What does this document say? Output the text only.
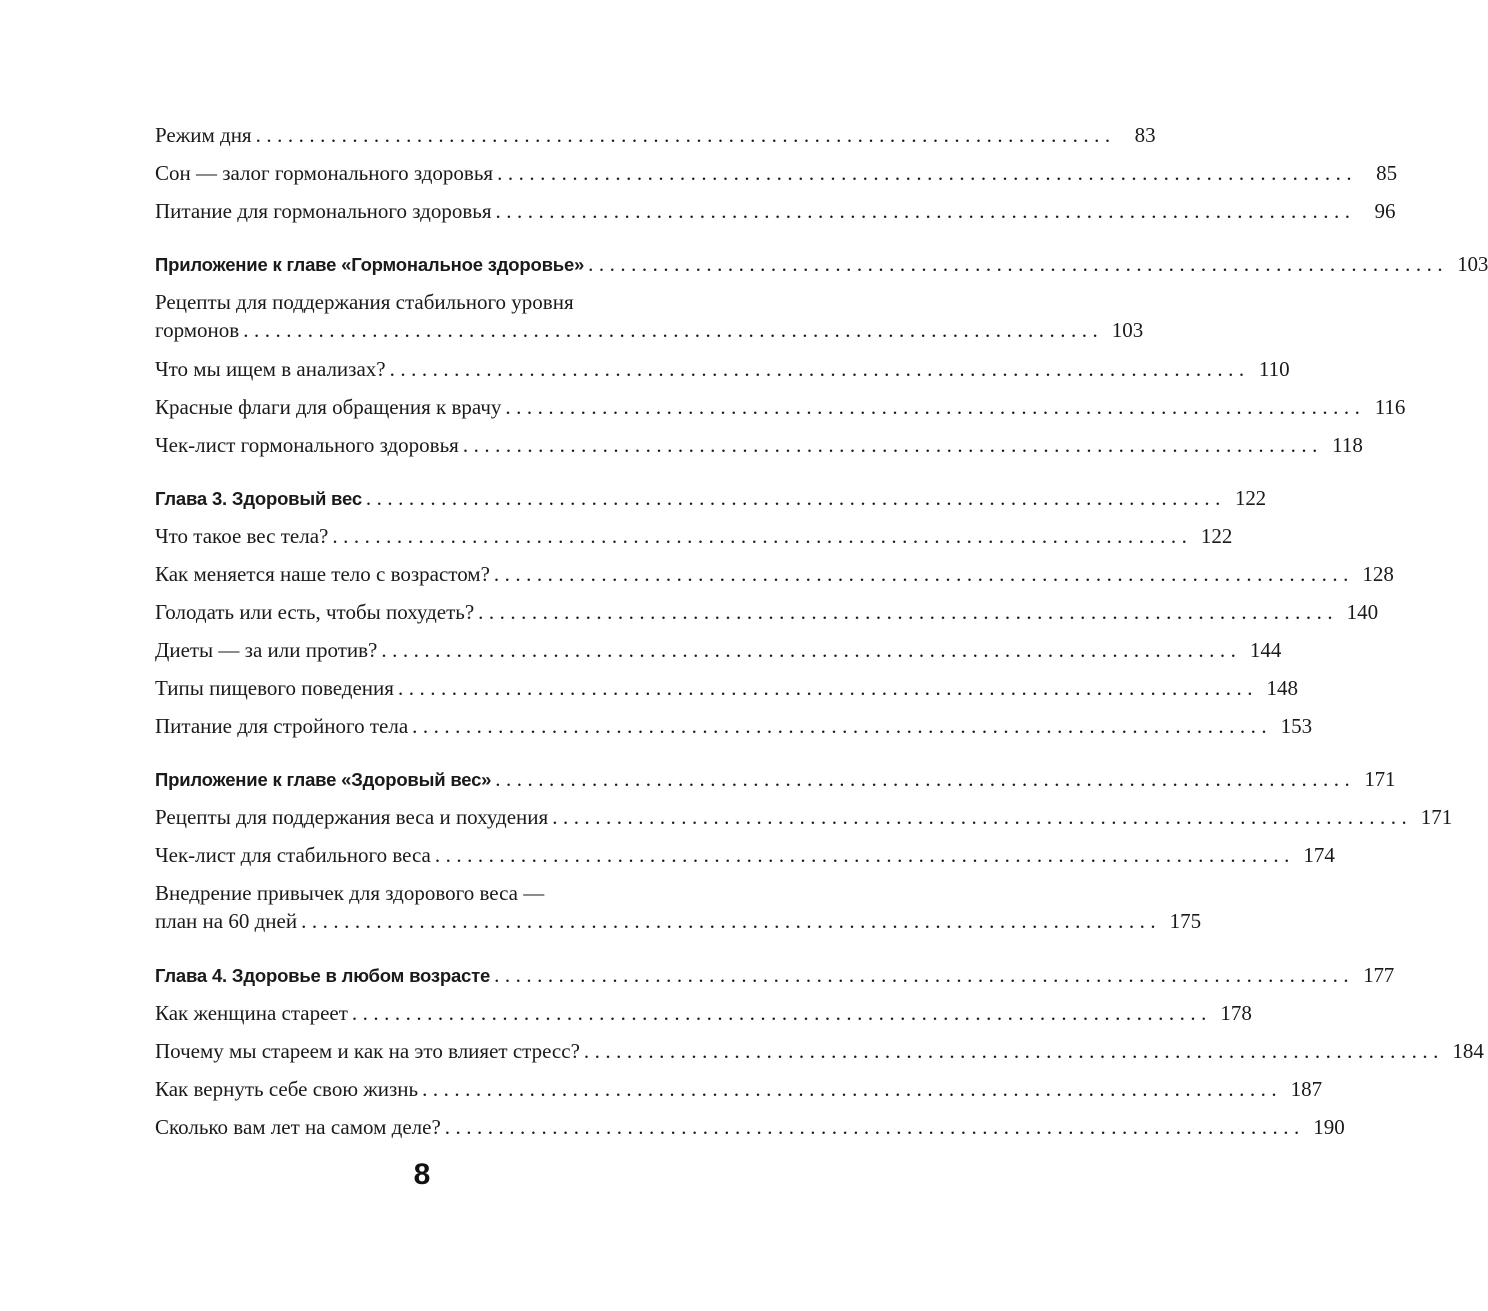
Режим дня ................................................................................ 83
Сон — залог гормонального здоровья ................................................................................ 85
Питание для гормонального здоровья ................................................................................ 96
Приложение к главе «Гормональное здоровье» ................................................................................ 103
Рецепты для поддержания стабильного уровня
гормонов ................................................................................ 103
Что мы ищем в анализах? ................................................................................ 110
Красные флаги для обращения к врачу ................................................................................ 116
Чек-лист гормонального здоровья ................................................................................ 118
Глава 3. Здоровый вес ................................................................................ 122
Что такое вес тела? ................................................................................ 122
Как меняется наше тело с возрастом? ................................................................................ 128
Голодать или есть, чтобы похудеть? ................................................................................ 140
Диеты — за или против? ................................................................................ 144
Типы пищевого поведения ................................................................................ 148
Питание для стройного тела ................................................................................ 153
Приложение к главе «Здоровый вес» ................................................................................ 171
Рецепты для поддержания веса и похудения ................................................................................ 171
Чек-лист для стабильного веса ................................................................................ 174
Внедрение привычек для здорового веса —
план на 60 дней ................................................................................ 175
Глава 4. Здоровье в любом возрасте ................................................................................ 177
Как женщина стареет ................................................................................ 178
Почему мы стареем и как на это влияет стресс? ................................................................................ 184
Как вернуть себе свою жизнь ................................................................................ 187
Сколько вам лет на самом деле? ................................................................................ 190
8
